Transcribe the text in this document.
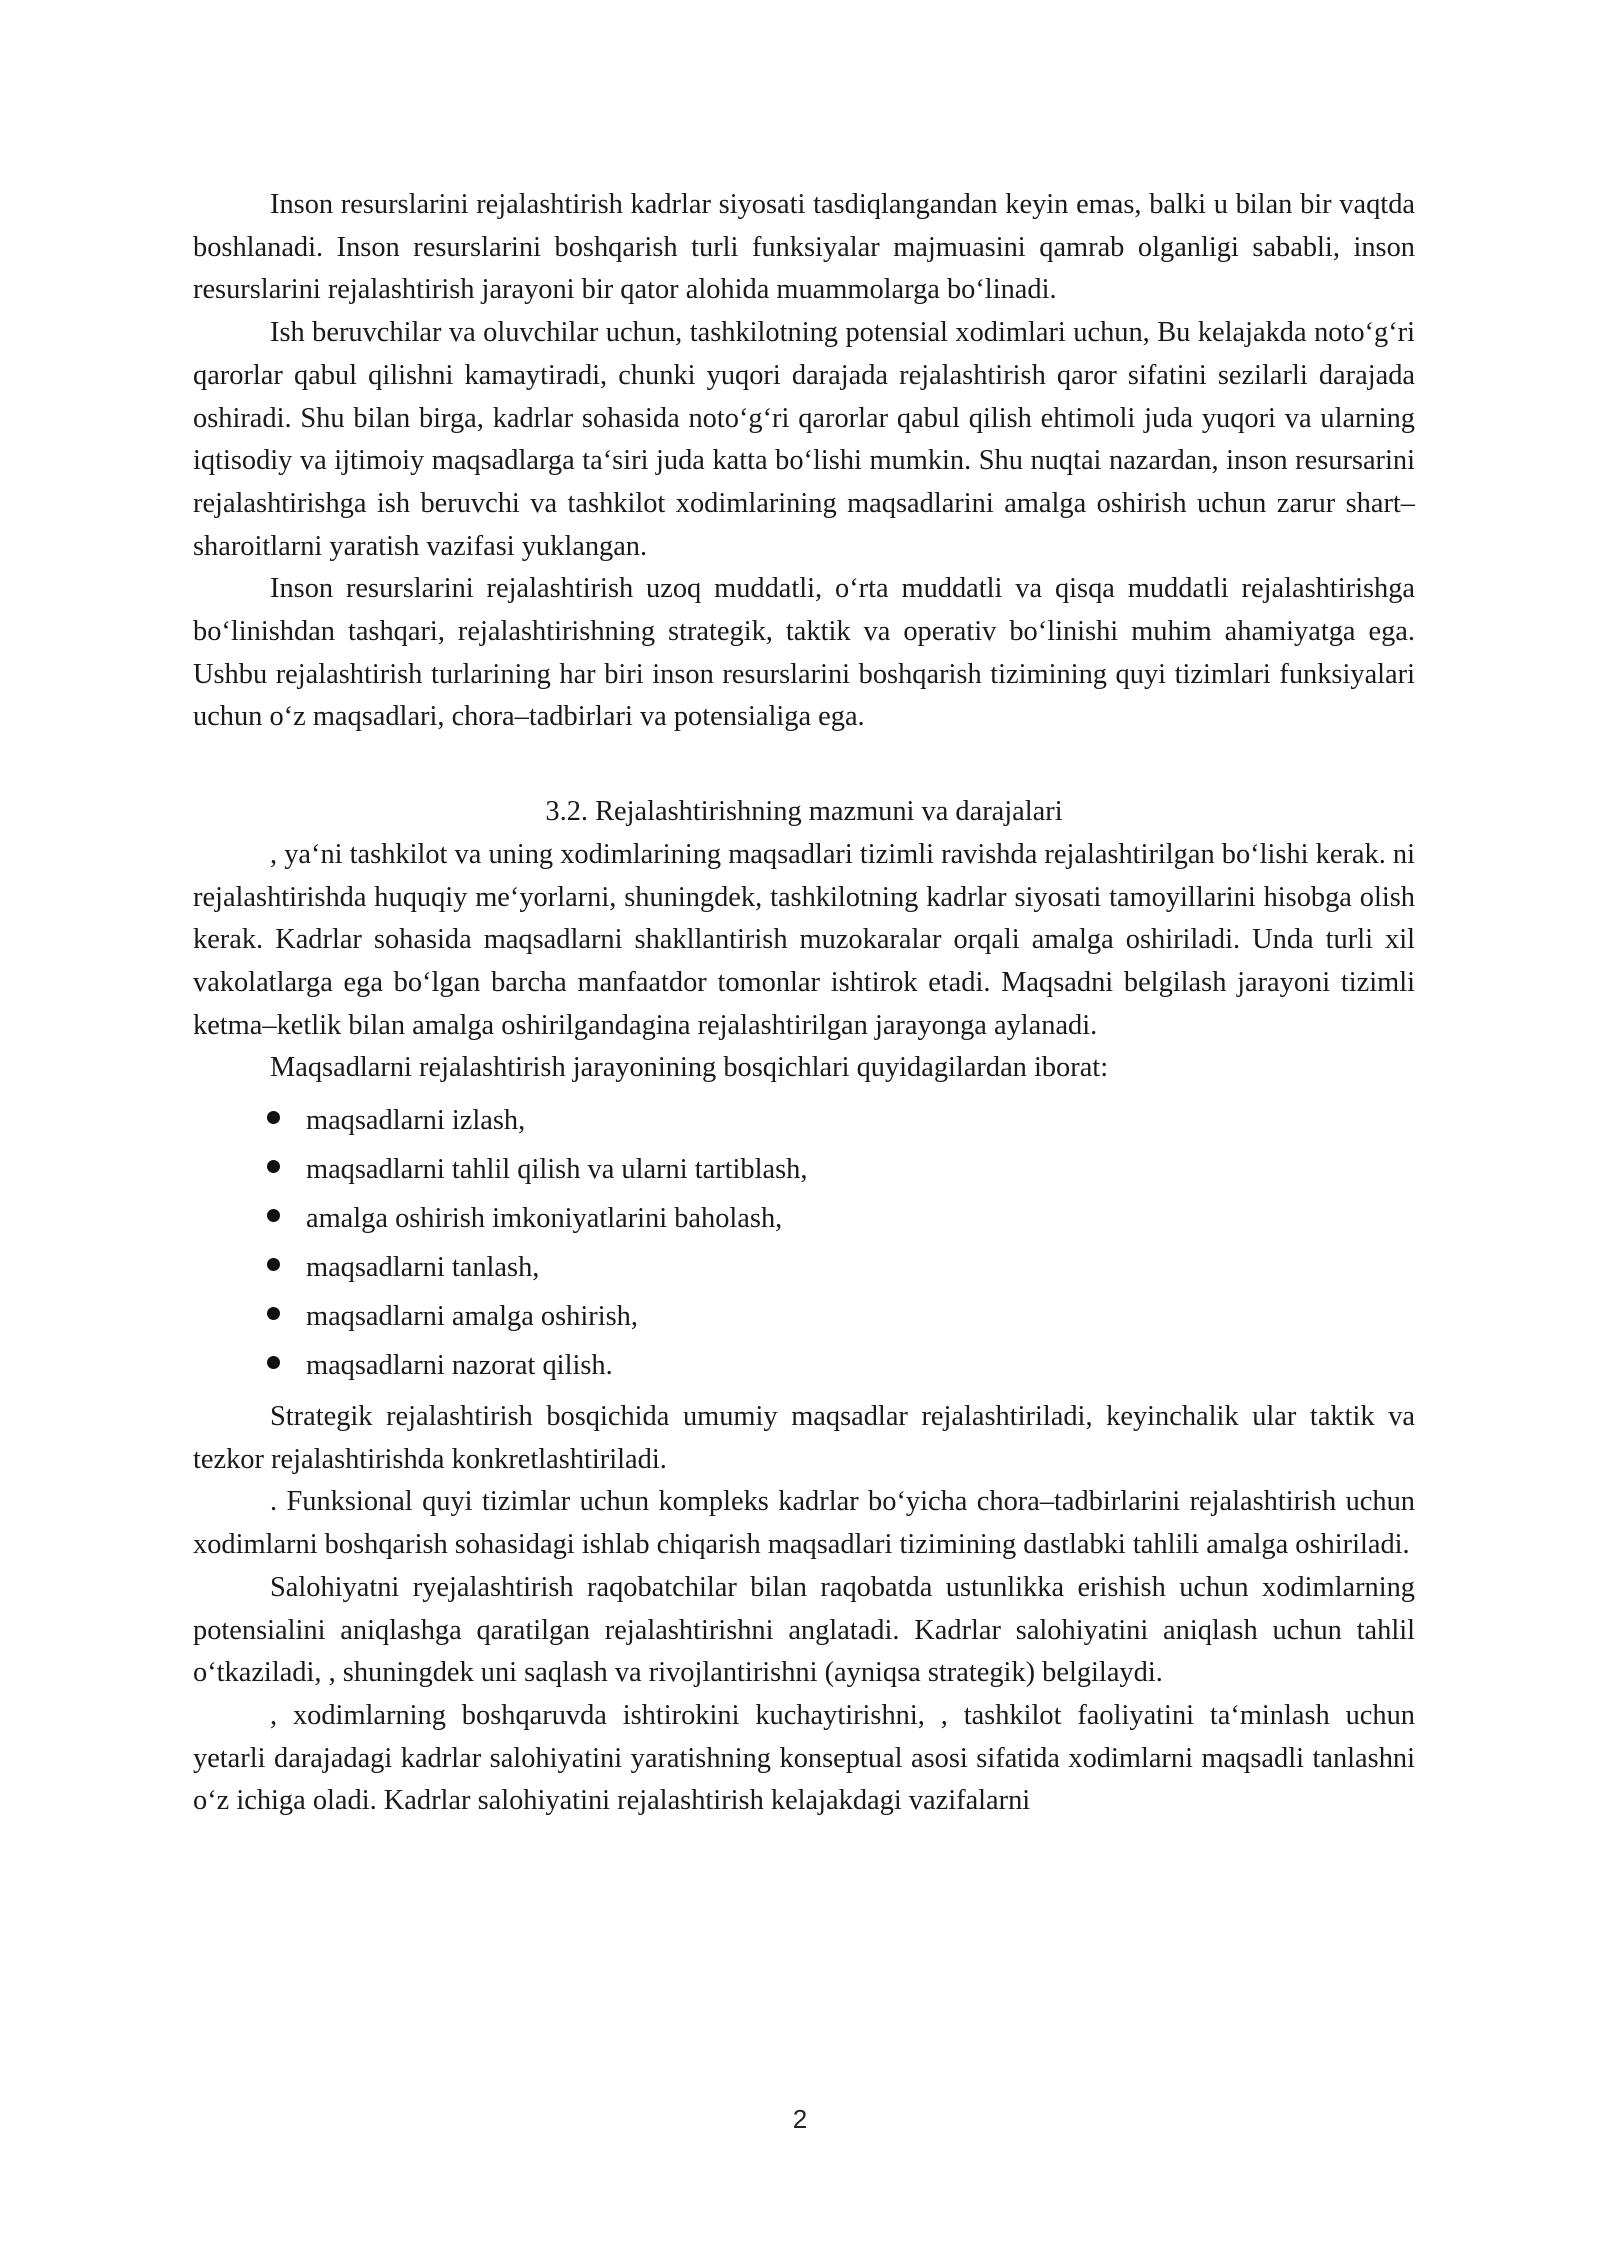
Inson resurslarini rejalashtirish kadrlar siyosati tasdiqlangandan keyin emas, balki u bilan bir vaqtda boshlanadi. Inson resurslarini boshqarish turli funksiyalar majmuasini qamrab olganligi sababli, inson resurslarini rejalashtirish jarayoni bir qator alohida muammolarga boʻlinadi.

Ish beruvchilar va oluvchilar uchun, tashkilotning potensial xodimlari uchun, Bu kelajakda notoʻgʻri qarorlar qabul qilishni kamaytiradi, chunki yuqori darajada rejalashtirish qaror sifatini sezilarli darajada oshiradi. Shu bilan birga, kadrlar sohasida notoʻgʻri qarorlar qabul qilish ehtimoli juda yuqori va ularning iqtisodiy va ijtimoiy maqsadlarga taʻsiri juda katta boʻlishi mumkin. Shu nuqtai nazardan, inson resursarini rejalashtirishga ish beruvchi va tashkilot xodimlarining maqsadlarini amalga oshirish uchun zarur shart–sharoitlarni yaratish vazifasi yuklangan.

Inson resurslarini rejalashtirish uzoq muddatli, oʻrta muddatli va qisqa muddatli rejalashtirishga boʻlinishdan tashqari, rejalashtirishning strategik, taktik va operativ boʻlinishi muhim ahamiyatga ega. Ushbu rejalashtirish turlarining har biri inson resurslarini boshqarish tizimining quyi tizimlari funksiyalari uchun oʻz maqsadlari, chora–tadbirlari va potensialiga ega.

3.2. Rejalashtirishning mazmuni va darajalari

, yaʻni tashkilot va uning xodimlarining maqsadlari tizimli ravishda rejalashtirilgan boʻlishi kerak. ni rejalashtirishda huquqiy meʻyorlarni, shuningdek, tashkilotning kadrlar siyosati tamoyillarini hisobga olish kerak. Kadrlar sohasida maqsadlarni shakllantirish muzokaralar orqali amalga oshiriladi. Unda turli xil vakolatlarga ega boʻlgan barcha manfaatdor tomonlar ishtirok etadi. Maqsadni belgilash jarayoni tizimli ketma–ketlik bilan amalga oshirilgandagina rejalashtirilgan jarayonga aylanadi.

Maqsadlarni rejalashtirish jarayonining bosqichlari quyidagilardan iborat:

maqsadlarni izlash,
maqsadlarni tahlil qilish va ularni tartiblash,
amalga oshirish imkoniyatlarini baholash,
maqsadlarni tanlash,
maqsadlarni amalga oshirish,
maqsadlarni nazorat qilish.

Strategik rejalashtirish bosqichida umumiy maqsadlar rejalashtiriladi, keyinchalik ular taktik va tezkor rejalashtirishda konkretlashtiriladi.

. Funksional quyi tizimlar uchun kompleks kadrlar boʻyicha chora–tadbirlarini rejalashtirish uchun xodimlarni boshqarish sohasidagi ishlab chiqarish maqsadlari tizimining dastlabki tahlili amalga oshiriladi.

Salohiyatni ryejalashtirish raqobatchilar bilan raqobatda ustunlikka erishish uchun xodimlarning potensialini aniqlashga qaratilgan rejalashtirishni anglatadi. Kadrlar salohiyatini aniqlash uchun tahlil oʻtkaziladi, , shuningdek uni saqlash va rivojlantirishni (ayniqsa strategik) belgilaydi.

, xodimlarning boshqaruvda ishtirokini kuchaytirishni, , tashkilot faoliyatini taʻminlash uchun yetarli darajadagi kadrlar salohiyatini yaratishning konseptual asosi sifatida xodimlarni maqsadli tanlashni oʻz ichiga oladi. Kadrlar salohiyatini rejalashtirish kelajakdagi vazifalarni

2
